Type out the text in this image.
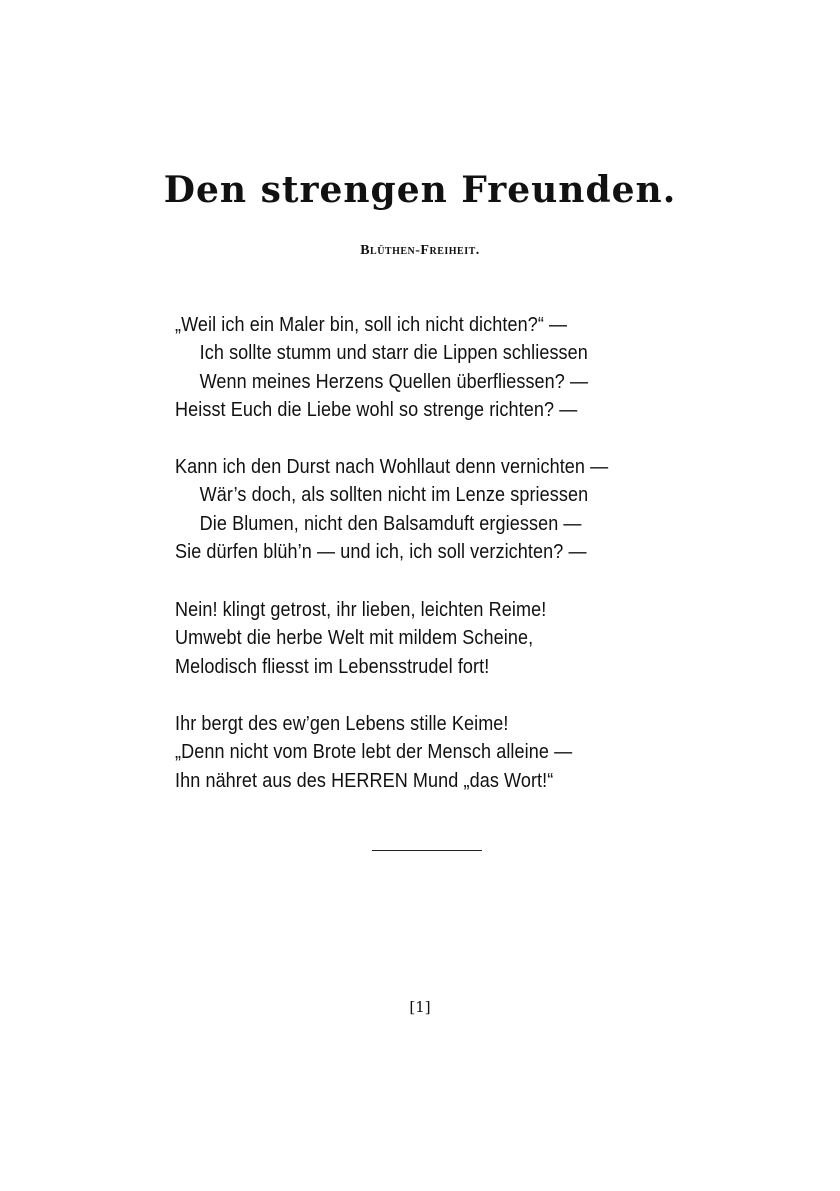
Den strengen Freunden.
Blüthen-Freiheit.
„Weil ich ein Maler bin, soll ich nicht dichten?“ —
Ich sollte stumm und starr die Lippen schliessen
Wenn meines Herzens Quellen überfliessen? —
Heisst Euch die Liebe wohl so strenge richten? —
Kann ich den Durst nach Wohllaut denn vernichten —
Wär’s doch, als sollten nicht im Lenze spriessen
Die Blumen, nicht den Balsamduft ergiessen —
Sie dürfen blüh’n — und ich, ich soll verzichten? —
Nein! klingt getrost, ihr lieben, leichten Reime!
Umwebt die herbe Welt mit mildem Scheine,
Melodisch fliesst im Lebensstrudel fort!
Ihr bergt des ew’gen Lebens stille Keime!
„Denn nicht vom Brote lebt der Mensch alleine —
Ihn nähret aus des HERREN Mund „das Wort!“
[1]
